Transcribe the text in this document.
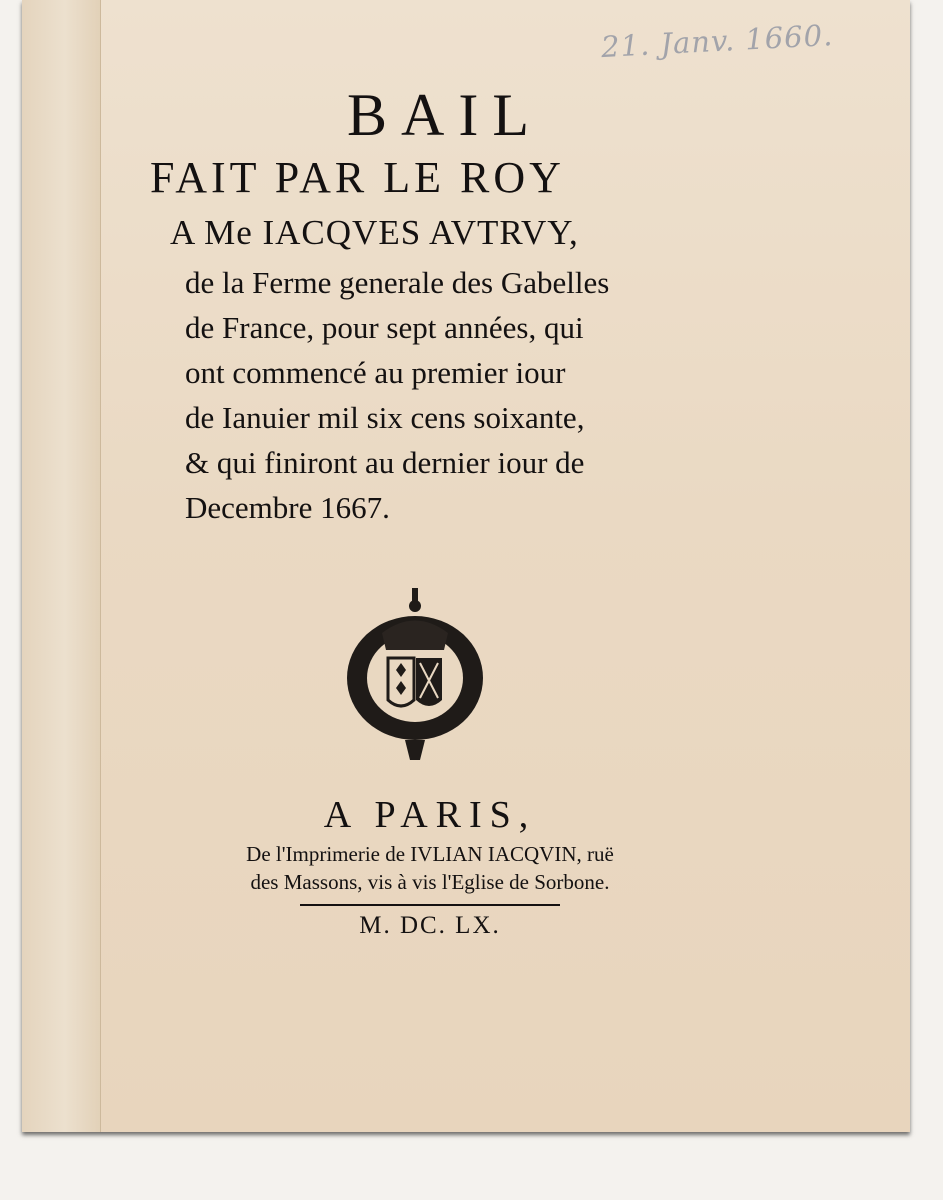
21. Janv. 1660.

BAIL

FAIT PAR LE ROY

A Me IACQVES AVTRVY,

de la Ferme generale des Gabelles
de France, pour sept années, qui
ont commencé au premier iour
de Ianuier mil six cens soixante,
& qui finiront au dernier iour de
Decembre 1667.

A PARIS,

De l'Imprimerie de IVLIAN IACQVIN, ruë

des Massons, vis à vis l'Eglise de Sorbone.

M. DC. LX.
